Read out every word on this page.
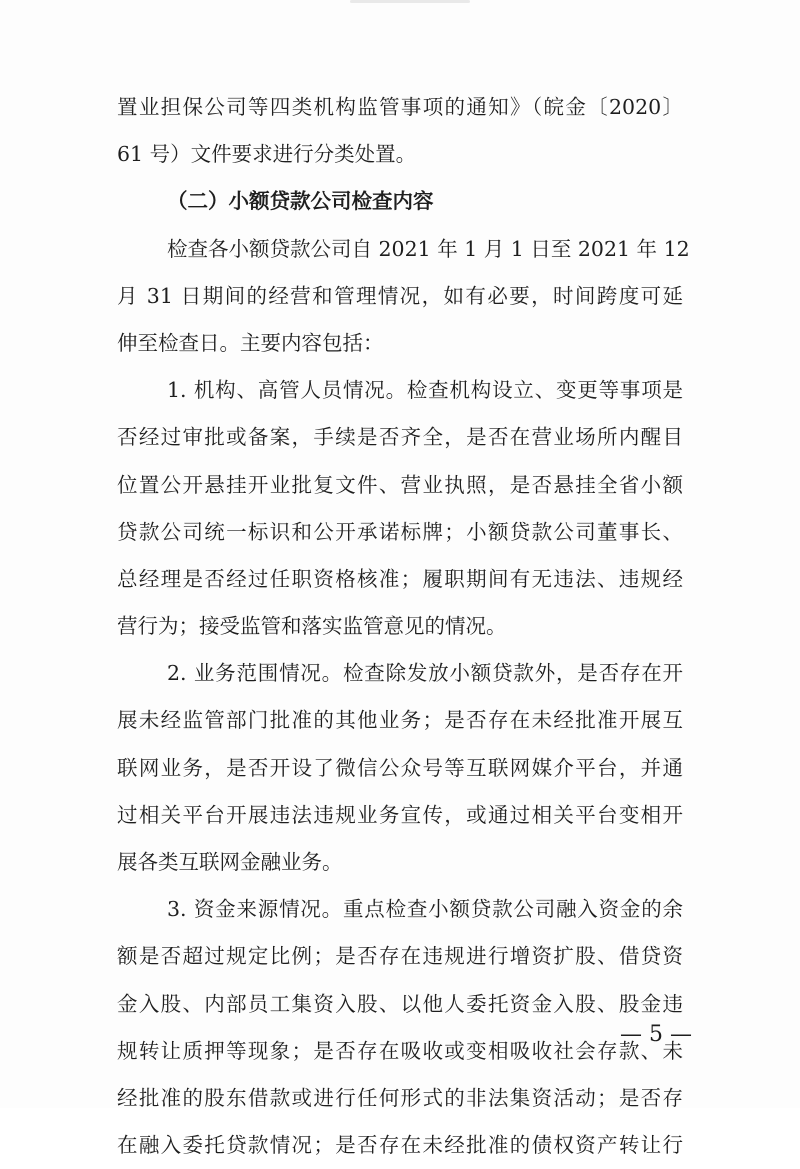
置业担保公司等四类机构监管事项的通知》（皖金〔2020〕
61 号）文件要求进行分类处置。
（二）小额贷款公司检查内容
检查各小额贷款公司自 2021 年 1 月 1 日至 2021 年 12
月 31 日期间的经营和管理情况，如有必要，时间跨度可延
伸至检查日。主要内容包括：
1. 机构、高管人员情况。检查机构设立、变更等事项是
否经过审批或备案，手续是否齐全，是否在营业场所内醒目
位置公开悬挂开业批复文件、营业执照，是否悬挂全省小额
贷款公司统一标识和公开承诺标牌；小额贷款公司董事长、
总经理是否经过任职资格核准；履职期间有无违法、违规经
营行为；接受监管和落实监管意见的情况。
2. 业务范围情况。检查除发放小额贷款外，是否存在开
展未经监管部门批准的其他业务；是否存在未经批准开展互
联网业务，是否开设了微信公众号等互联网媒介平台，并通
过相关平台开展违法违规业务宣传，或通过相关平台变相开
展各类互联网金融业务。
3. 资金来源情况。重点检查小额贷款公司融入资金的余
额是否超过规定比例；是否存在违规进行增资扩股、借贷资
金入股、内部员工集资入股、以他人委托资金入股、股金违
规转让质押等现象；是否存在吸收或变相吸收社会存款、未
经批准的股东借款或进行任何形式的非法集资活动；是否存
在融入委托贷款情况；是否存在未经批准的债权资产转让行
— 5 —
